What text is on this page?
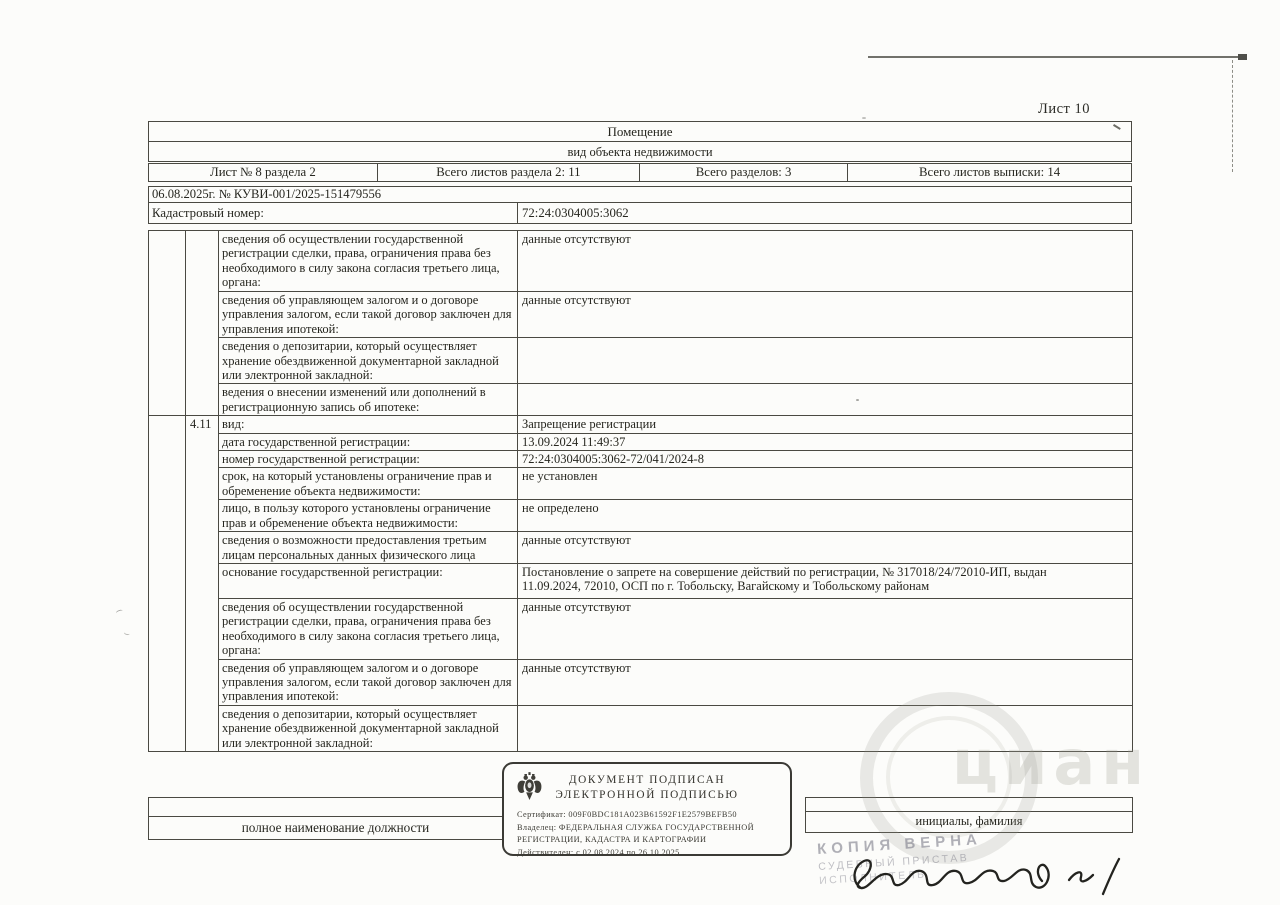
циан
Лист 10
Помещение
вид объекта недвижимости
Лист № 8 раздела 2	Всего листов раздела 2: 11	Всего разделов: 3	Всего листов выписки: 14
06.08.2025г. № КУВИ-001/2025-151479556
Кадастровый номер:	72:24:0304005:3062
		сведения об осуществлении государственной регистрации сделки, права, ограничения права без необходимого в силу закона согласия третьего лица, органа:	данные отсутствуют
		сведения об управляющем залогом и о договоре управления залогом, если такой договор заключен для управления ипотекой:	данные отсутствуют
		сведения о депозитарии, который осуществляет хранение обездвиженной документарной закладной или электронной закладной:	
		ведения о внесении изменений или дополнений в регистрационную запись об ипотеке:	
	4.11	вид:	Запрещение регистрации
		дата государственной регистрации:	13.09.2024 11:49:37
		номер государственной регистрации:	72:24:0304005:3062-72/041/2024-8
		срок, на который установлены ограничение прав и обременение объекта недвижимости:	не установлен
		лицо, в пользу которого установлены ограничение прав и обременение объекта недвижимости:	не определено
		сведения о возможности предоставления третьим лицам персональных данных физического лица	данные отсутствуют
		основание государственной регистрации:	Постановление о запрете на совершение действий по регистрации, № 317018/24/72010-ИП, выдан 11.09.2024, 72010, ОСП по г. Тобольску, Вагайскому и Тобольскому районам
		сведения об осуществлении государственной регистрации сделки, права, ограничения права без необходимого в силу закона согласия третьего лица, органа:	данные отсутствуют
		сведения об управляющем залогом и о договоре управления залогом, если такой договор заключен для управления ипотекой:	данные отсутствуют
		сведения о депозитарии, который осуществляет хранение обездвиженной документарной закладной или электронной закладной:	
полное наименование должности	инициалы, фамилия
ДОКУМЕНТ ПОДПИСАН
ЭЛЕКТРОННОЙ ПОДПИСЬЮ
Сертификат: 009F0BDC181A023B61592F1E2579BEFB50
Владелец: ФЕДЕРАЛЬНАЯ СЛУЖБА ГОСУДАРСТВЕННОЙ
РЕГИСТРАЦИИ, КАДАСТРА И КАРТОГРАФИИ
Действителен: с 02.08.2024 по 26.10.2025	КОПИЯ ВЕРНА
СУДЕБНЫЙ ПРИСТАВ
ИСПОЛНИТЕЛЬ
